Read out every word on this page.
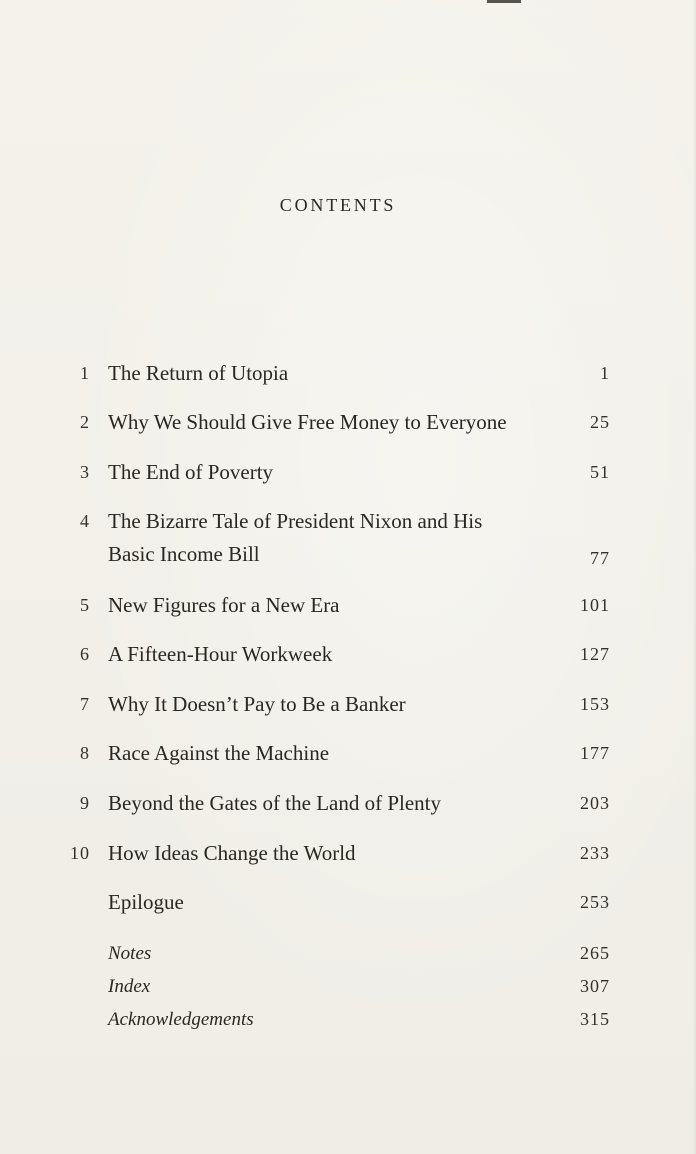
CONTENTS
1 The Return of Utopia	1
2 Why We Should Give Free Money to Everyone	25
3 The End of Poverty	51
4 The Bizarre Tale of President Nixon and His
Basic Income Bill	77
5 New Figures for a New Era	101
6 A Fifteen-Hour Workweek	127
7 Why It Doesn’t Pay to Be a Banker	153
8 Race Against the Machine	177
9 Beyond the Gates of the Land of Plenty	203
10 How Ideas Change the World	233
Epilogue	253
Notes	265
Index	307
Acknowledgements	315
